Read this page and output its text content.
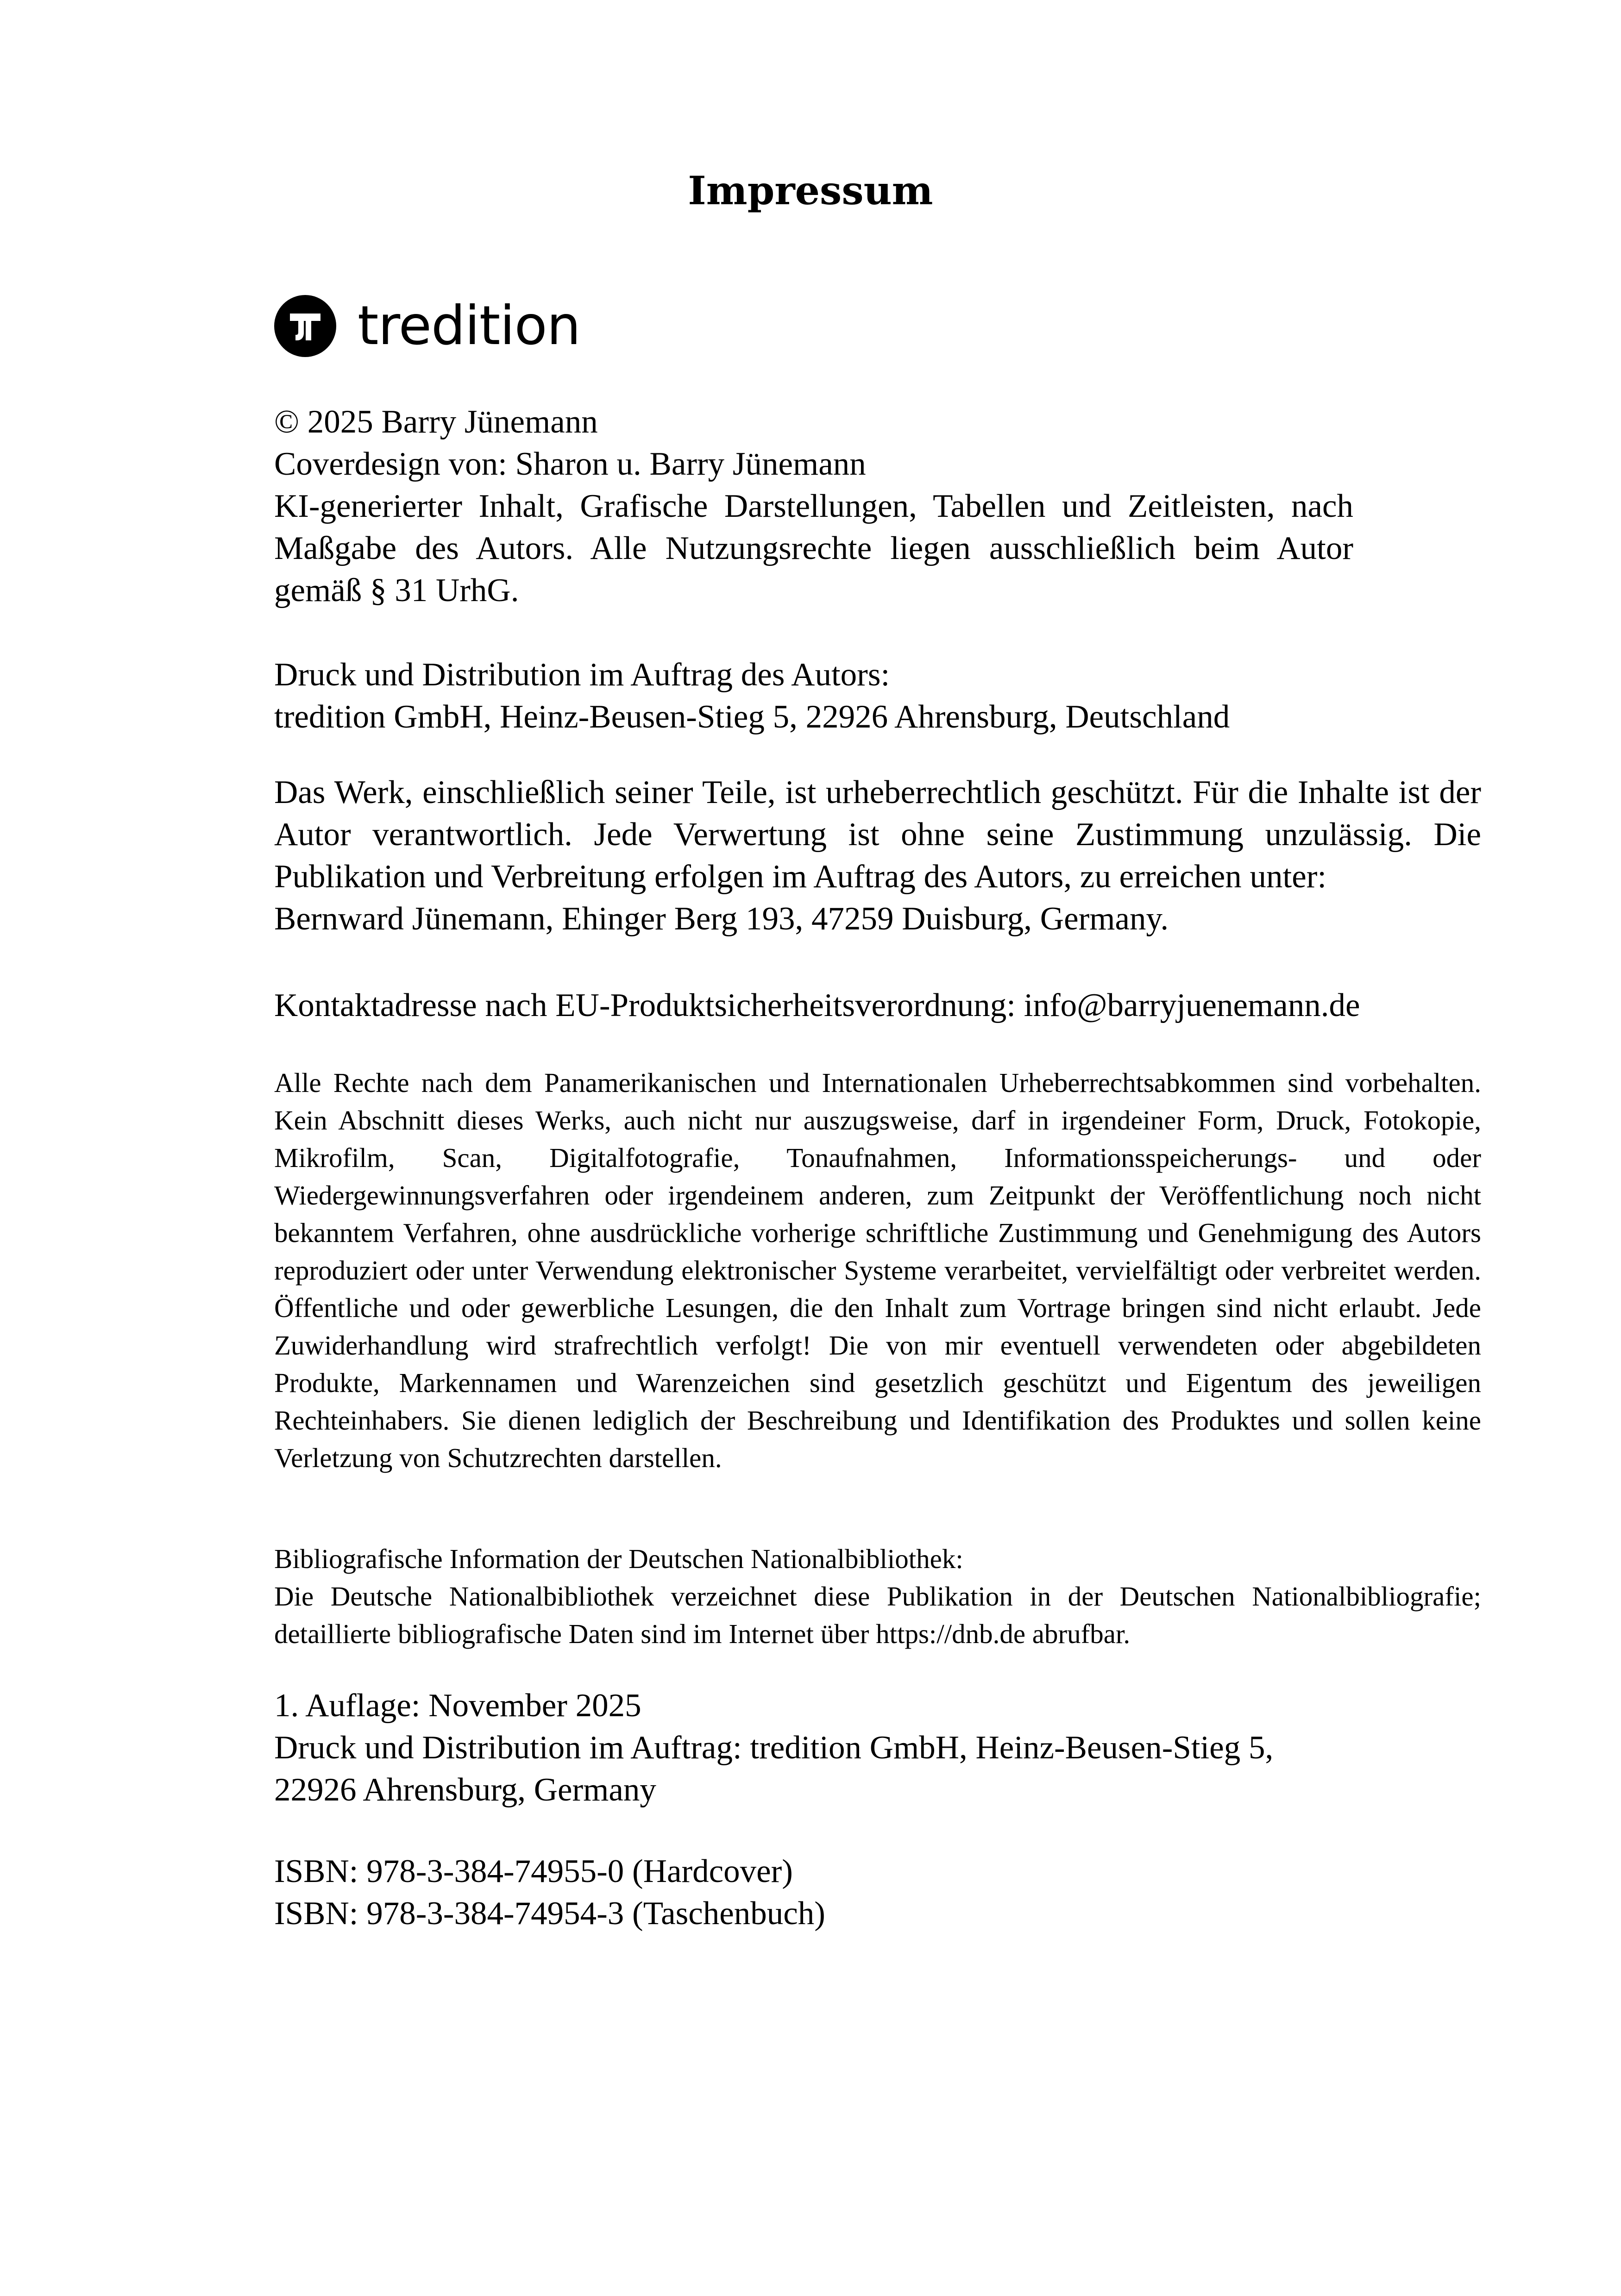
Impressum
tredition
© 2025 Barry Jünemann
Coverdesign von: Sharon u. Barry Jünemann
KI-generierter Inhalt, Grafische Darstellungen, Tabellen und Zeitleisten, nach Maßgabe des Autors. Alle Nutzungsrechte liegen ausschließlich beim Autor gemäß § 31 UrhG.
Druck und Distribution im Auftrag des Autors:
tredition GmbH, Heinz-Beusen-Stieg 5, 22926 Ahrensburg, Deutschland
Das Werk, einschließlich seiner Teile, ist urheberrechtlich geschützt. Für die Inhalte ist der Autor verantwortlich. Jede Verwertung ist ohne seine Zustimmung unzulässig. Die Publikation und Verbreitung erfolgen im Auftrag des Autors, zu erreichen unter:
Bernward Jünemann, Ehinger Berg 193, 47259 Duisburg, Germany.
Kontaktadresse nach EU-Produktsicherheitsverordnung: info@barryjuenemann.de
Alle Rechte nach dem Panamerikanischen und Internationalen Urheberrechtsabkommen sind vorbehalten. Kein Abschnitt dieses Werks, auch nicht nur auszugsweise, darf in irgendeiner Form, Druck, Fotokopie, Mikrofilm, Scan, Digitalfotografie, Tonaufnahmen, Informationsspeicherungs- und oder Wiedergewinnungsverfahren oder irgendeinem anderen, zum Zeitpunkt der Veröffentlichung noch nicht bekanntem Verfahren, ohne ausdrückliche vorherige schriftliche Zustimmung und Genehmigung des Autors reproduziert oder unter Verwendung elektronischer Systeme verarbeitet, vervielfältigt oder verbreitet werden. Öffentliche und oder gewerbliche Lesungen, die den Inhalt zum Vortrage bringen sind nicht erlaubt. Jede Zuwiderhandlung wird strafrechtlich verfolgt! Die von mir eventuell verwendeten oder abgebildeten Produkte, Markennamen und Warenzeichen sind gesetzlich geschützt und Eigentum des jeweiligen Rechteinhabers. Sie dienen lediglich der Beschreibung und Identifikation des Produktes und sollen keine Verletzung von Schutzrechten darstellen.
Bibliografische Information der Deutschen Nationalbibliothek:
Die Deutsche Nationalbibliothek verzeichnet diese Publikation in der Deutschen Nationalbibliografie; detaillierte bibliografische Daten sind im Internet über https://dnb.de abrufbar.
1. Auflage: November 2025
Druck und Distribution im Auftrag: tredition GmbH, Heinz-Beusen-Stieg 5,
22926 Ahrensburg, Germany
ISBN: 978-3-384-74955-0 (Hardcover)
ISBN: 978-3-384-74954-3 (Taschenbuch)
